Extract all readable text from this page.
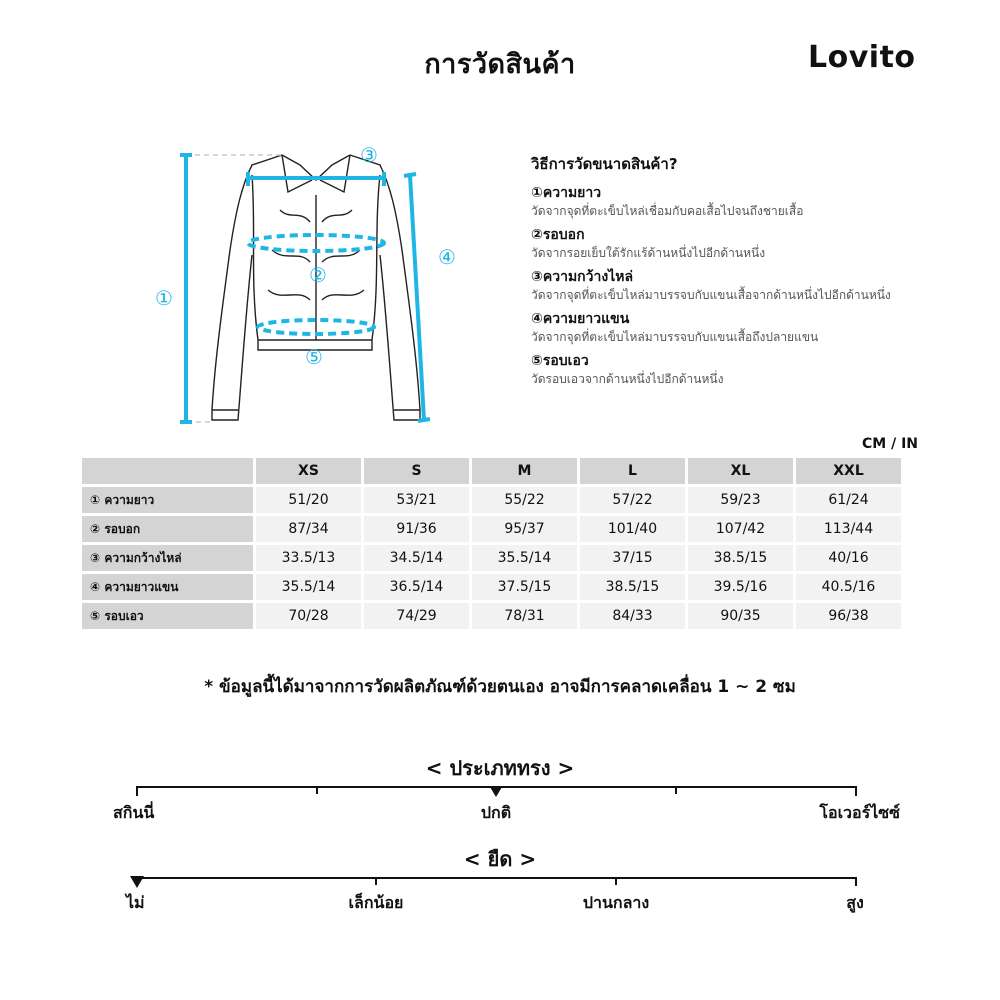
การวัดสินค้า	Lovito
①
②
③
④
⑤
วิธีการวัดขนาดสินค้า?
①ความยาว
วัดจากจุดที่ตะเข็บไหล่เชื่อมกับคอเสื้อไปจนถึงชายเสื้อ
②รอบอก
วัดจากรอยเย็บใต้รักแร้ด้านหนึ่งไปอีกด้านหนึ่ง
③ความกว้างไหล่
วัดจากจุดที่ตะเข็บไหล่มาบรรจบกับแขนเสื้อจากด้านหนึ่งไปอีกด้านหนึ่ง
④ความยาวแขน
วัดจากจุดที่ตะเข็บไหล่มาบรรจบกับแขนเสื้อถึงปลายแขน
⑤รอบเอว
วัดรอบเอวจากด้านหนึ่งไปอีกด้านหนึ่ง
CM / IN
	XS	S	M	L	XL	XXL
① ความยาว	51/20	53/21	55/22	57/22	59/23	61/24
② รอบอก	87/34	91/36	95/37	101/40	107/42	113/44
③ ความกว้างไหล่	33.5/13	34.5/14	35.5/14	37/15	38.5/15	40/16
④ ความยาวแขน	35.5/14	36.5/14	37.5/15	38.5/15	39.5/16	40.5/16
⑤ รอบเอว	70/28	74/29	78/31	84/33	90/35	96/38
* ข้อมูลนี้ได้มาจากการวัดผลิตภัณฑ์ด้วยตนเอง อาจมีการคลาดเคลื่อน 1 ~ 2 ซม
< ประเภททรง >
สกินนี่	ปกติ	โอเวอร์ไซซ์
< ยืด >
ไม่	เล็กน้อย	ปานกลาง	สูง
